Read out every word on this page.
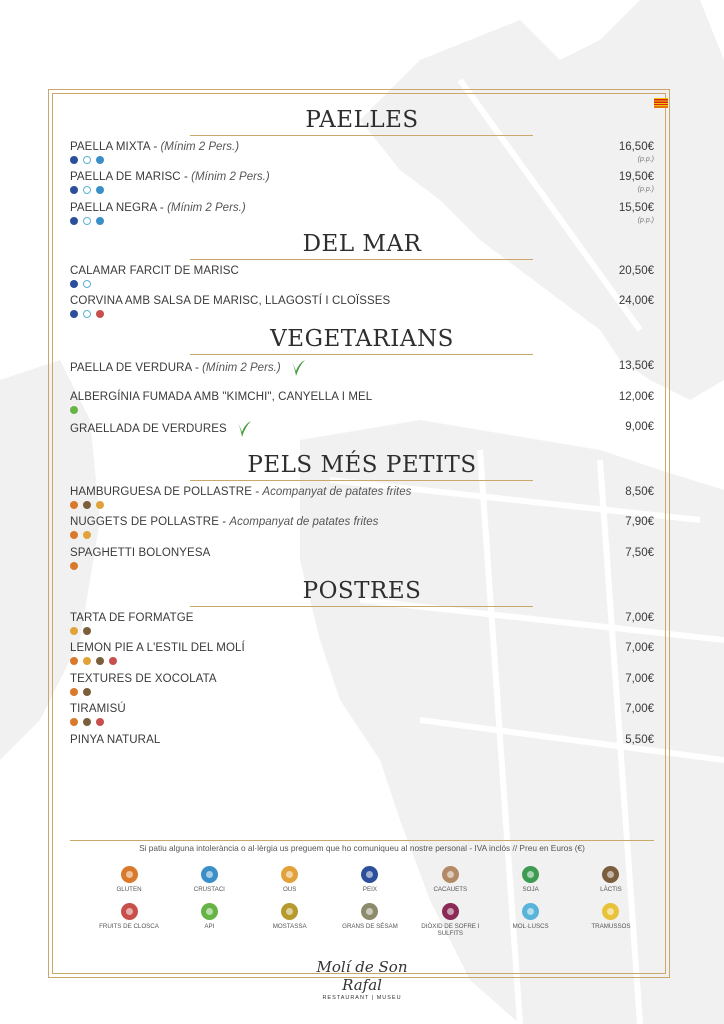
PAELLES
PAELLA MIXTA - (Mínim 2 Pers.)	16,50€
(p.p.)
PAELLA DE MARISC - (Mínim 2 Pers.)	19,50€
(p.p.)
PAELLA NEGRA - (Mínim 2 Pers.)	15,50€
(p.p.)
DEL MAR
CALAMAR FARCIT DE MARISC	20,50€
CORVINA AMB SALSA DE MARISC, LLAGOSTÍ I CLOÏSSES	24,00€
VEGETARIANS
PAELLA DE VERDURA - (Mínim 2 Pers.)	13,50€
ALBERGÍNIA FUMADA AMB "KIMCHI", CANYELLA I MEL	12,00€
GRAELLADA DE VERDURES	9,00€
PELS MÉS PETITS
HAMBURGUESA DE POLLASTRE - Acompanyat de patates frites	8,50€
NUGGETS DE POLLASTRE - Acompanyat de patates frites	7,90€
SPAGHETTI BOLONYESA	7,50€
POSTRES
TARTA DE FORMATGE	7,00€
LEMON PIE A L'ESTIL DEL MOLÍ	7,00€
TEXTURES DE XOCOLATA	7,00€
TIRAMISÚ	7,00€
PINYA NATURAL	5,50€
Si patiu alguna intolerància o al·lèrgia us preguem que ho comuniqueu al nostre personal - IVA inclós // Preu en Euros (€)
GLUTEN	CRUSTACI	OUS	PEIX	CACAUETS	SOJA	LÀCTIS
FRUITS DE CLOSCA	API	MOSTASSA	GRANS DE SÉSAM	DIÒXID DE SOFRE I SULFITS
MOL·LUSCS	TRAMUSSOS
Molí de Son Rafal
RESTAURANT | MUSEU
